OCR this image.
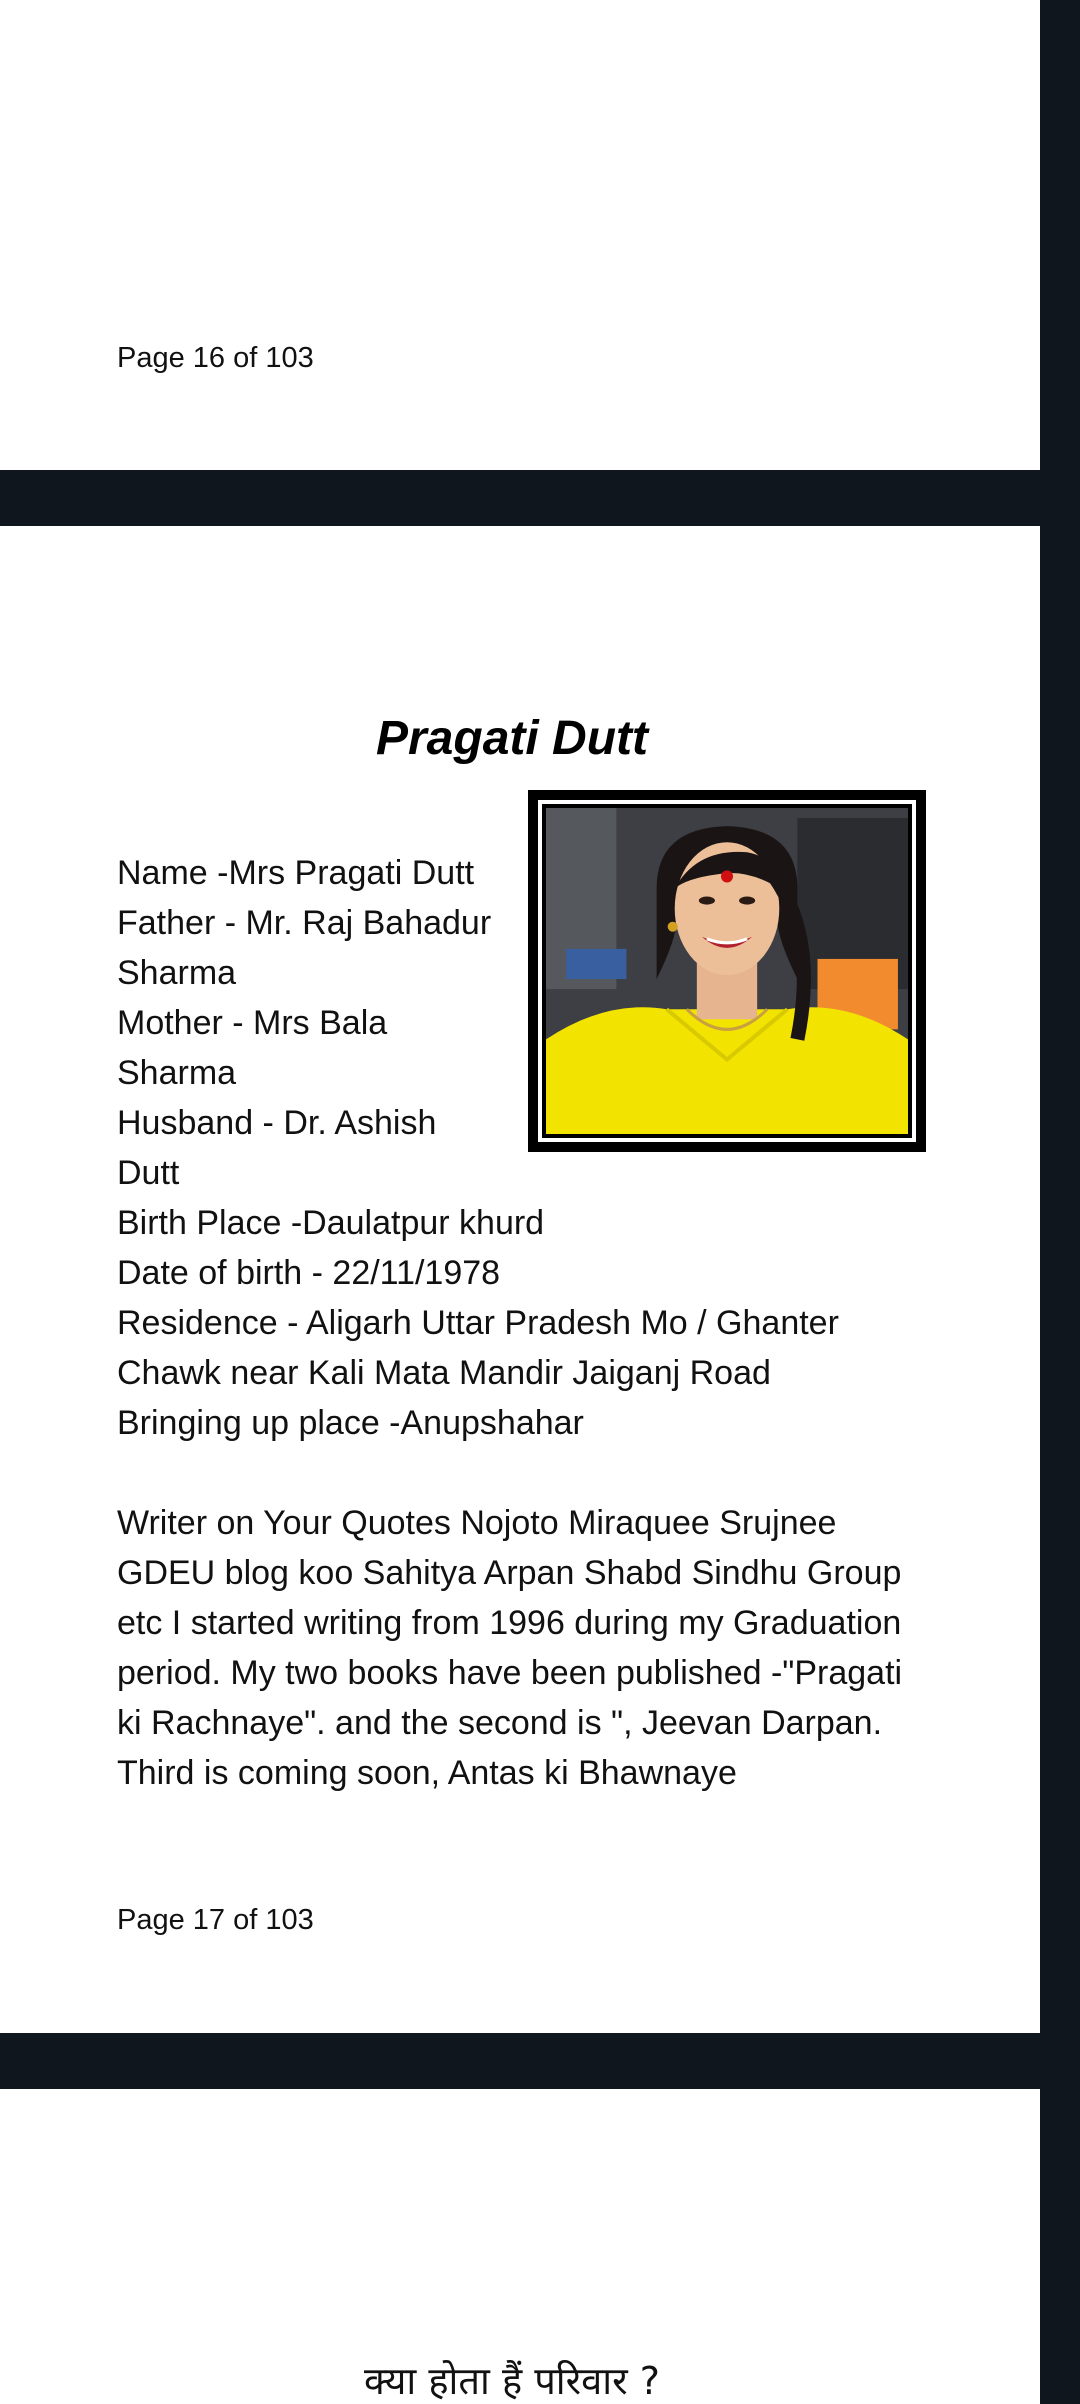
Page 16 of 103
Pragati Dutt
Name -Mrs Pragati Dutt
Father - Mr. Raj Bahadur
Sharma
Mother - Mrs Bala
Sharma
Husband - Dr. Ashish
Dutt
Birth Place -Daulatpur khurd
Date of birth - 22/11/1978
Residence - Aligarh Uttar Pradesh Mo / Ghanter
Chawk near Kali Mata Mandir Jaiganj Road
Bringing up place -Anupshahar
Writer on Your Quotes Nojoto Miraquee Srujnee
GDEU blog koo Sahitya Arpan Shabd Sindhu Group
etc I started writing from 1996 during my Graduation
period. My two books have been published -"Pragati
ki Rachnaye". and the second is ", Jeevan Darpan.
Third is coming soon, Antas ki Bhawnaye
Page 17 of 103
क्या होता हैं परिवार ?
